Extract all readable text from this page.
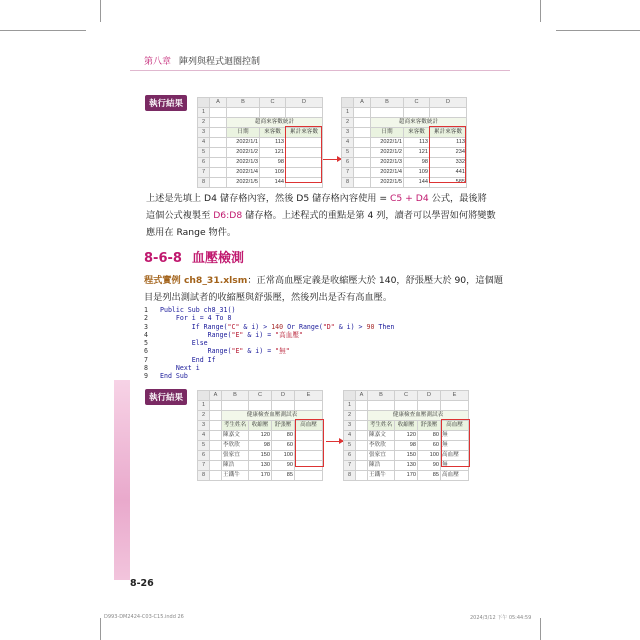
第八章 陣列與程式迴圈控制
執行結果
		A	B	C	D
1				
2		超商來客數統計		
3		日期	來客數	累計來客數
4		2022/1/1	113	
5		2022/1/2	121	
6		2022/1/3	98	
7		2022/1/4	109	
8		2022/1/5	144	
	A	B	C	D
1				
2		超商來客數統計		
3		日期	來客數	累計來客數
4		2022/1/1	113	113
5		2022/1/2	121	234
6		2022/1/3	98	332
7		2022/1/4	109	441
8		2022/1/5	144	585
上述是先填上 D4 儲存格內容，然後 D5 儲存格內容使用 = C5 + D4 公式，最後將
這個公式複製至 D6:D8 儲存格。上述程式的重點是第 4 列，讀者可以學習如何將變數
應用在 Range 物件。
8-6-8 血壓檢測
程式實例 ch8_31.xlsm：正常高血壓定義是收縮壓大於 140，舒張壓大於 90，這個題
目是列出測試者的收縮壓與舒張壓，然後列出是否有高血壓。
1 Public Sub ch8_31()
2    For i = 4 To 8
3        If Range("C" & i) > 140 Or Range("D" & i) > 90 Then
4            Range("E" & i) = "高血壓"
5        Else
6            Range("E" & i) = "無"
7        End If
8    Next i
9 End Sub
執行結果
		A	B	C	D	E
1					
2		健康檢查血壓測試表			
3		考生姓名	收縮壓	舒張壓	高血壓
4		陳嘉文	120	80	
5		李欣欣	98	60	
6		張家宜	150	100	
7		陳浩	130	90	
8		王鐵牛	170	85	
	A	B	C	D	E
1					
2		健康檢查血壓測試表			
3		考生姓名	收縮壓	舒張壓	高血壓
4		陳嘉文	120	80	無
5		李欣欣	98	60	無
6		張家宜	150	100	高血壓
7		陳浩	130	90	無
8		王鐵牛	170	85	高血壓
8-26
D993-DM2424-C03-C15.indd 26	2024/3/12 下午 05:44:59
